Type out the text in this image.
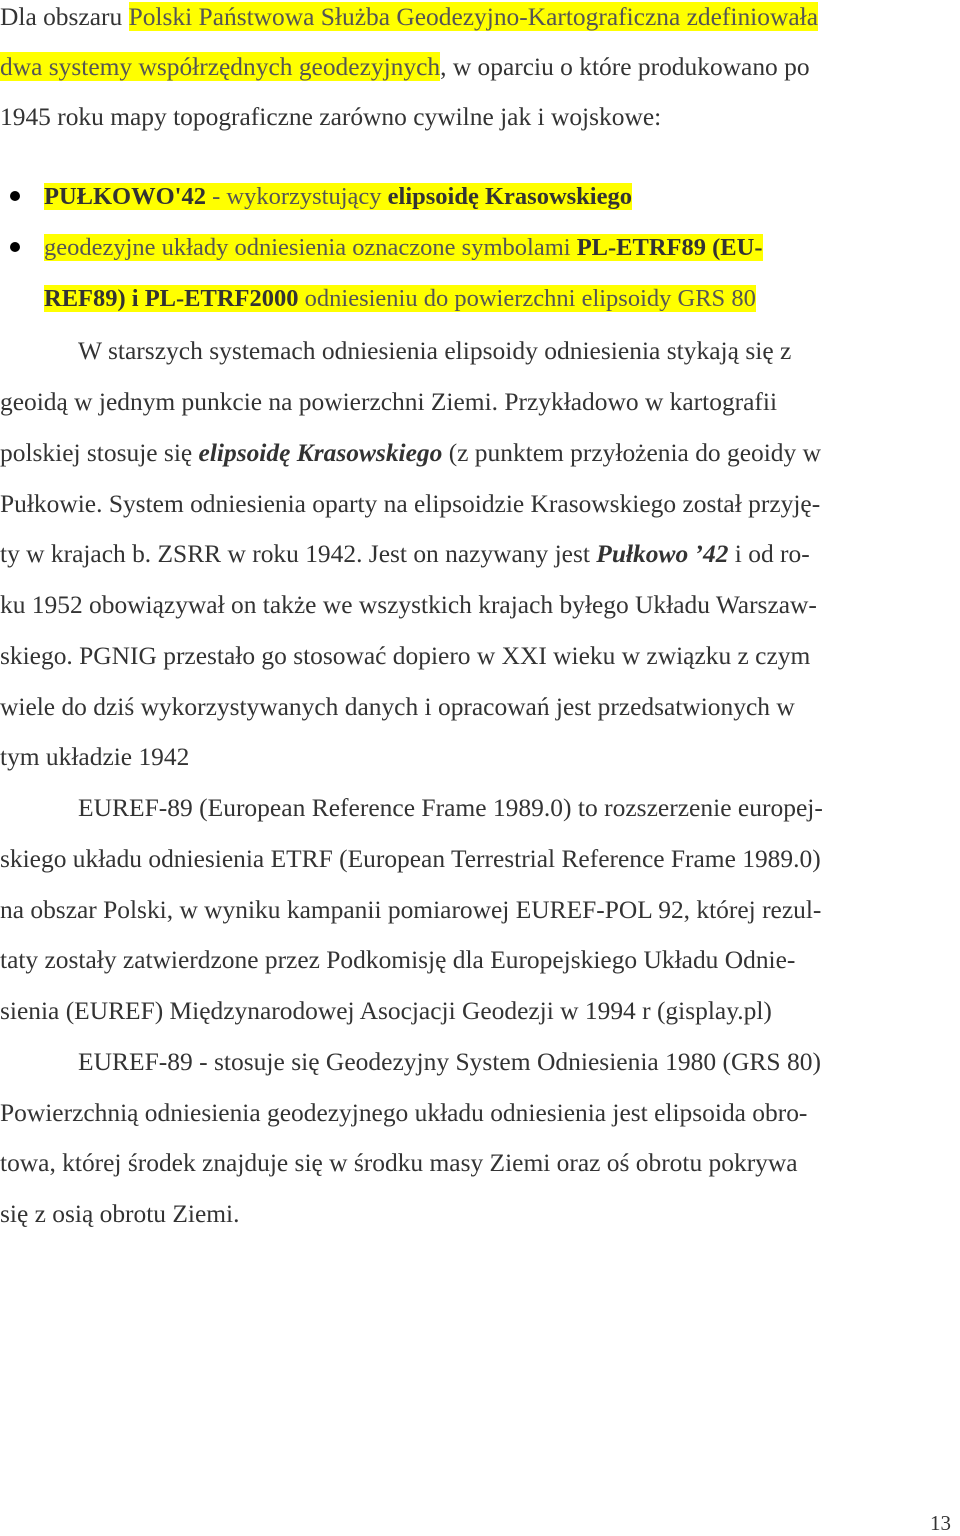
Dla obszaru Polski Państwowa Służba Geodezyjno-Kartograficzna zdefiniowała
dwa systemy współrzędnych geodezyjnych, w oparciu o które produkowano po
1945 roku mapy topograficzne zarówno cywilne jak i wojskowe:
PUŁKOWO'42 - wykorzystujący elipsoidę Krasowskiego
geodezyjne układy odniesienia oznaczone symbolami PL-ETRF89 (EU-
REF89) i PL-ETRF2000 odniesieniu do powierzchni elipsoidy GRS 80
W starszych systemach odniesienia elipsoidy odniesienia stykają się z
geoidą w jednym punkcie na powierzchni Ziemi. Przykładowo w kartografii
polskiej stosuje się elipsoidę Krasowskiego (z punktem przyłożenia do geoidy w
Pułkowie. System odniesienia oparty na elipsoidzie Krasowskiego został przyję-
ty w krajach b. ZSRR w roku 1942. Jest on nazywany jest Pułkowo ’42 i od ro-
ku 1952 obowiązywał on także we wszystkich krajach byłego Układu Warszaw-
skiego. PGNIG przestało go stosować dopiero w XXI wieku w związku z czym
wiele do dziś wykorzystywanych danych i opracowań jest przedsatwionych w
tym układzie 1942
EUREF-89 (European Reference Frame 1989.0) to rozszerzenie europej-
skiego układu odniesienia ETRF (European Terrestrial Reference Frame 1989.0)
na obszar Polski, w wyniku kampanii pomiarowej EUREF-POL 92, której rezul-
taty zostały zatwierdzone przez Podkomisję dla Europejskiego Układu Odnie-
sienia (EUREF) Międzynarodowej Asocjacji Geodezji w 1994 r (gisplay.pl)
EUREF-89 - stosuje się Geodezyjny System Odniesienia 1980 (GRS 80)
Powierzchnią odniesienia geodezyjnego układu odniesienia jest elipsoida obro-
towa, której środek znajduje się w środku masy Ziemi oraz oś obrotu pokrywa
się z osią obrotu Ziemi.
13
